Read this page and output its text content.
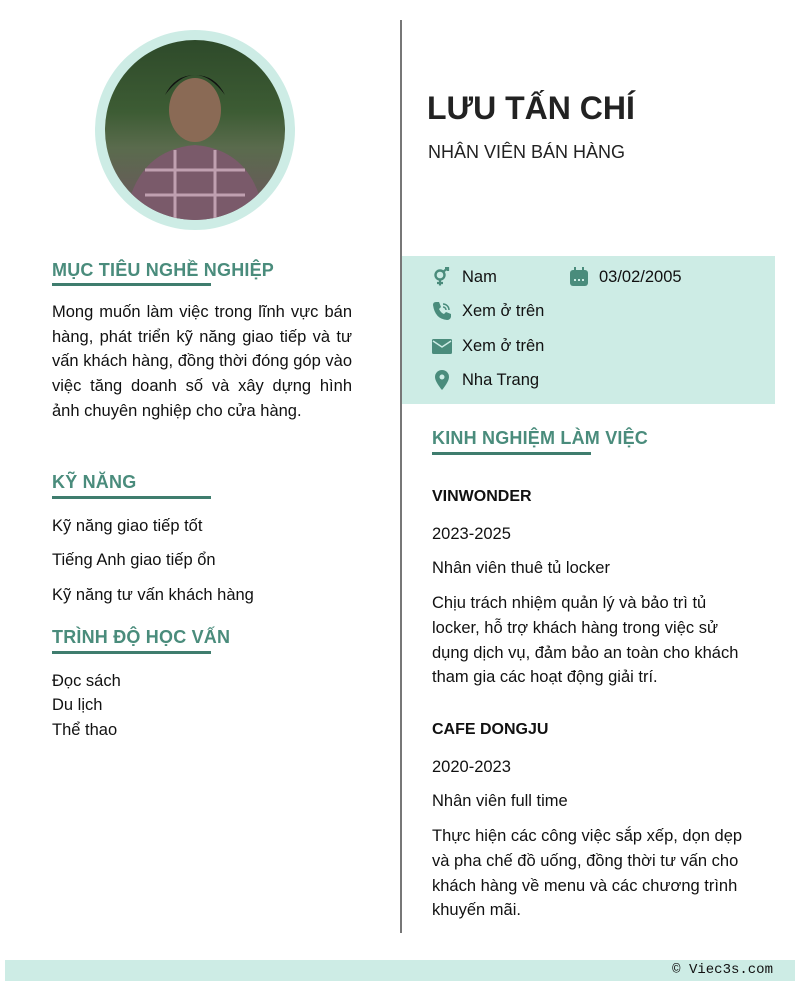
MỤC TIÊU NGHỀ NGHIỆP
Mong muốn làm việc trong lĩnh vực bán hàng, phát triển kỹ năng giao tiếp và tư vấn khách hàng, đồng thời đóng góp vào việc tăng doanh số và xây dựng hình ảnh chuyên nghiệp cho cửa hàng.
KỸ NĂNG
Kỹ năng giao tiếp tốt
Tiếng Anh giao tiếp ổn
Kỹ năng tư vấn khách hàng
TRÌNH ĐỘ HỌC VẤN
Đọc sách
Du lịch
Thể thao
LƯU TẤN CHÍ
NHÂN VIÊN BÁN HÀNG
Nam	03/02/2005
Xem ở trên
Xem ở trên
Nha Trang
KINH NGHIỆM LÀM VIỆC
VINWONDER
2023-2025
Nhân viên thuê tủ locker
Chịu trách nhiệm quản lý và bảo trì tủ locker, hỗ trợ khách hàng trong việc sử dụng dịch vụ, đảm bảo an toàn cho khách tham gia các hoạt động giải trí.
CAFE DONGJU
2020-2023
Nhân viên full time
Thực hiện các công việc sắp xếp, dọn dẹp và pha chế đồ uống, đồng thời tư vấn cho khách hàng về menu và các chương trình khuyến mãi.
© Viec3s.com
